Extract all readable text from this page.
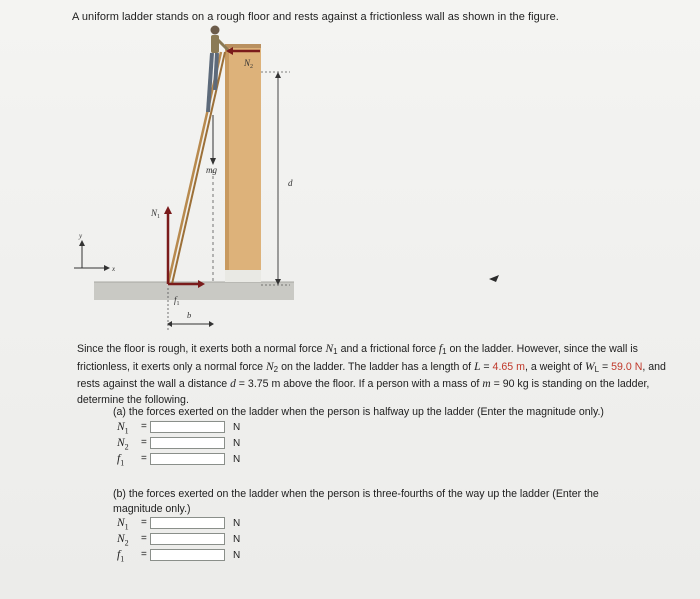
A uniform ladder stands on a rough floor and rests against a frictionless wall as shown in the figure.
mg
$N_2$
d
$N_1$
$f_1$
b
y
x
Since the floor is rough, it exerts both a normal force $N_1$ and a frictional force $f_1$ on the ladder. However, since the wall is frictionless, it exerts only a normal force $N_2$ on the ladder. The ladder has a length of L = 4.65 m, a weight of $W_L = 59.0$ N, and rests against the wall a distance d = 3.75 m above the floor. If a person with a mass of m = 90 kg is standing on the ladder, determine the following.
(a) the forces exerted on the ladder when the person is halfway up the ladder (Enter the magnitude only.)
$N_1$	=	N
$N_2$	=	N
$f_1$	=	N
(b) the forces exerted on the ladder when the person is three-fourths of the way up the ladder (Enter the magnitude only.)
$N_1$	=	N
$N_2$	=	N
$f_1$	=	N
